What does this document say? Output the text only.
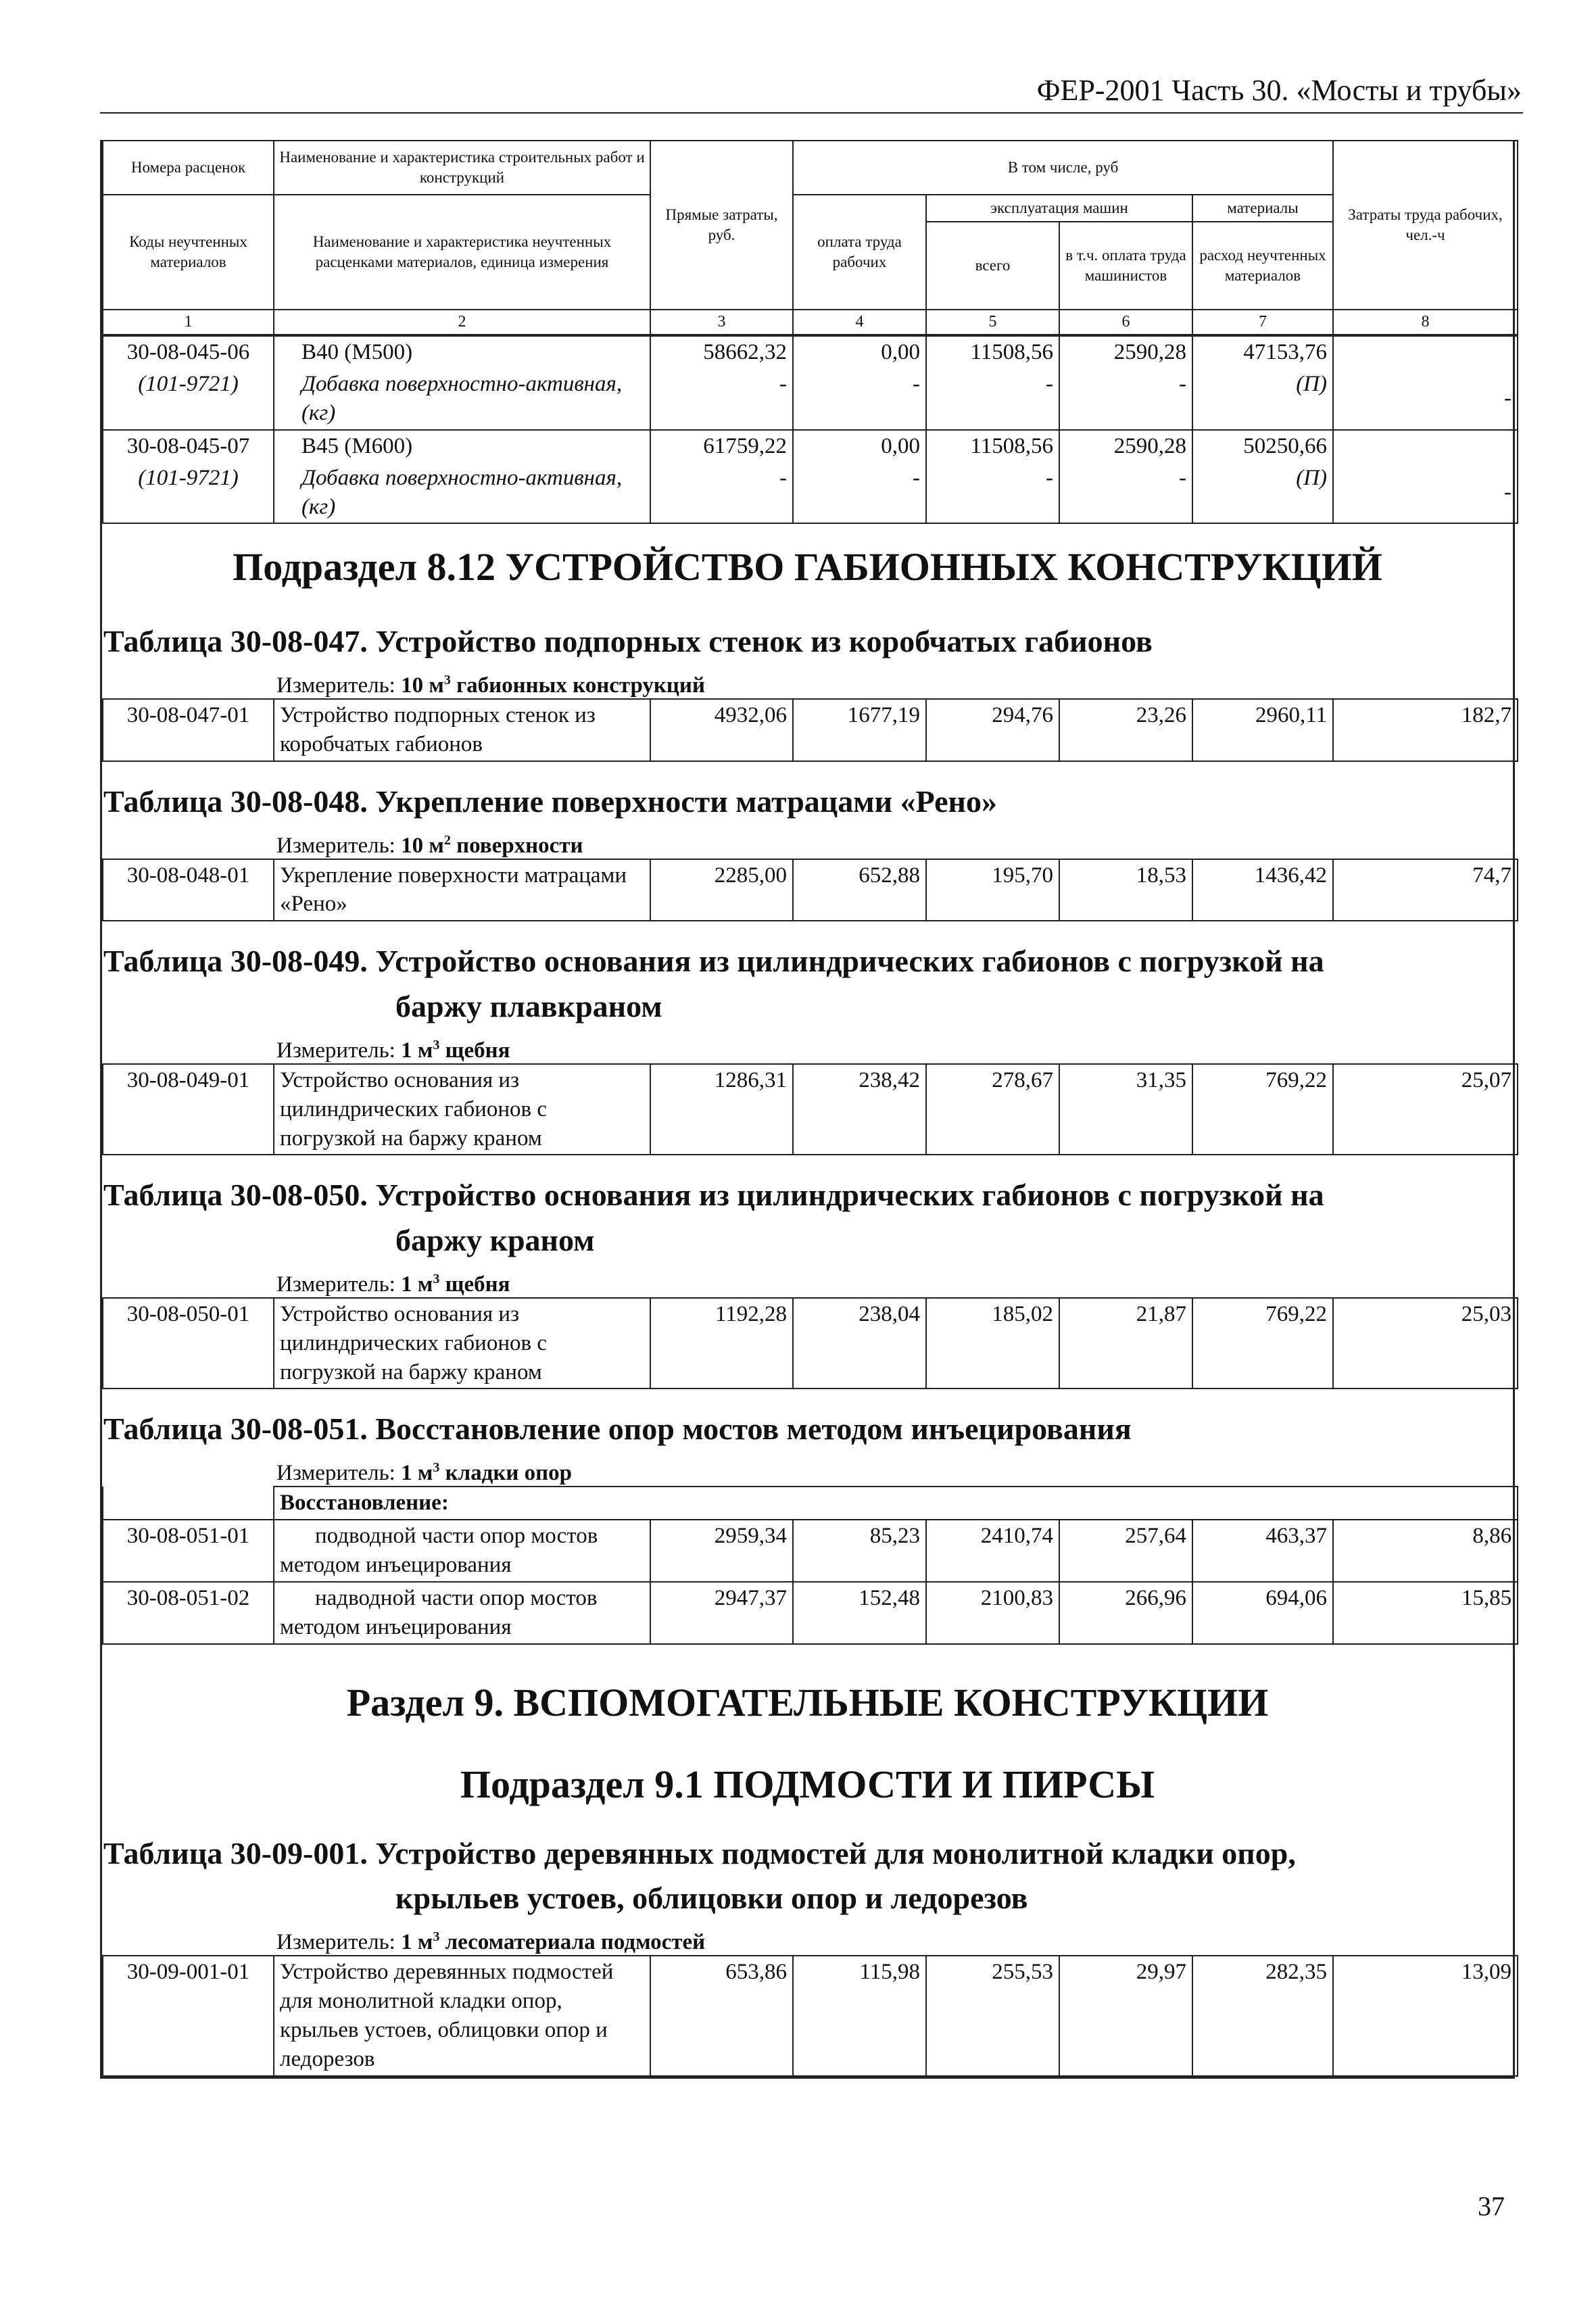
ФЕР-2001 Часть 30. «Мосты и трубы»
Номера расценок	Наименование и характеристика строительных работ и конструкций	Прямые затраты, руб.	В том числе, руб				Затраты труда рабочих, чел.-ч
Коды неучтенных материалов	Наименование и характеристика неучтенных расценками материалов, единица измерения		оплата труда рабочих	эксплуатация машин		материалы	
				всего	в т.ч. оплата труда машинистов	расход неучтенных материалов	
1	2	3	4	5	6	7	8
30-08-045-06	В40 (М500)	58662,32	0,00	11508,56	2590,28	47153,76	
(101-9721)	Добавка поверхностно-активная, (кг)	-	-	-	-	(П)	-
30-08-045-07	В45 (М600)	61759,22	0,00	11508,56	2590,28	50250,66	
(101-9721)	Добавка поверхностно-активная, (кг)	-	-	-	-	(П)	-
Подраздел 8.12 УСТРОЙСТВО ГАБИОННЫХ КОНСТРУКЦИЙ
Таблица 30-08-047. Устройство подпорных стенок из коробчатых габионов
Измеритель: 10 $м^3$ габионных конструкций
30-08-047-01	Устройство подпорных стенок из коробчатых габионов	4932,06	1677,19	294,76	23,26	2960,11	182,7
Таблица 30-08-048. Укрепление поверхности матрацами «Рено»
Измеритель: 10 $м^2$ поверхности
30-08-048-01	Укрепление поверхности матрацами «Рено»	2285,00	652,88	195,70	18,53	1436,42	74,7
Таблица 30-08-049. Устройство основания из цилиндрических габионов с погрузкой на
баржу плавкраном
Измеритель: 1 $м^3$ щебня
30-08-049-01	Устройство основания из цилиндрических габионов с погрузкой на баржу краном	1286,31	238,42	278,67	31,35	769,22	25,07
Таблица 30-08-050. Устройство основания из цилиндрических габионов с погрузкой на
баржу краном
Измеритель: 1 $м^3$ щебня
30-08-050-01	Устройство основания из цилиндрических габионов с погрузкой на баржу краном	1192,28	238,04	185,02	21,87	769,22	25,03
Таблица 30-08-051. Восстановление опор мостов методом инъецирования
Измеритель: 1 $м^3$ кладки опор
	Восстановление:						
30-08-051-01	подводной части опор мостов методом инъецирования	2959,34	85,23	2410,74	257,64	463,37	8,86
30-08-051-02	надводной части опор мостов методом инъецирования	2947,37	152,48	2100,83	266,96	694,06	15,85
Раздел 9. ВСПОМОГАТЕЛЬНЫЕ КОНСТРУКЦИИ
Подраздел 9.1 ПОДМОСТИ И ПИРСЫ
Таблица 30-09-001. Устройство деревянных подмостей для монолитной кладки опор,
крыльев устоев, облицовки опор и ледорезов
Измеритель: 1 $м^3$ лесоматериала подмостей
30-09-001-01	Устройство деревянных подмостей для монолитной кладки опор, крыльев устоев, облицовки опор и ледорезов	653,86	115,98	255,53	29,97	282,35	13,09
37
